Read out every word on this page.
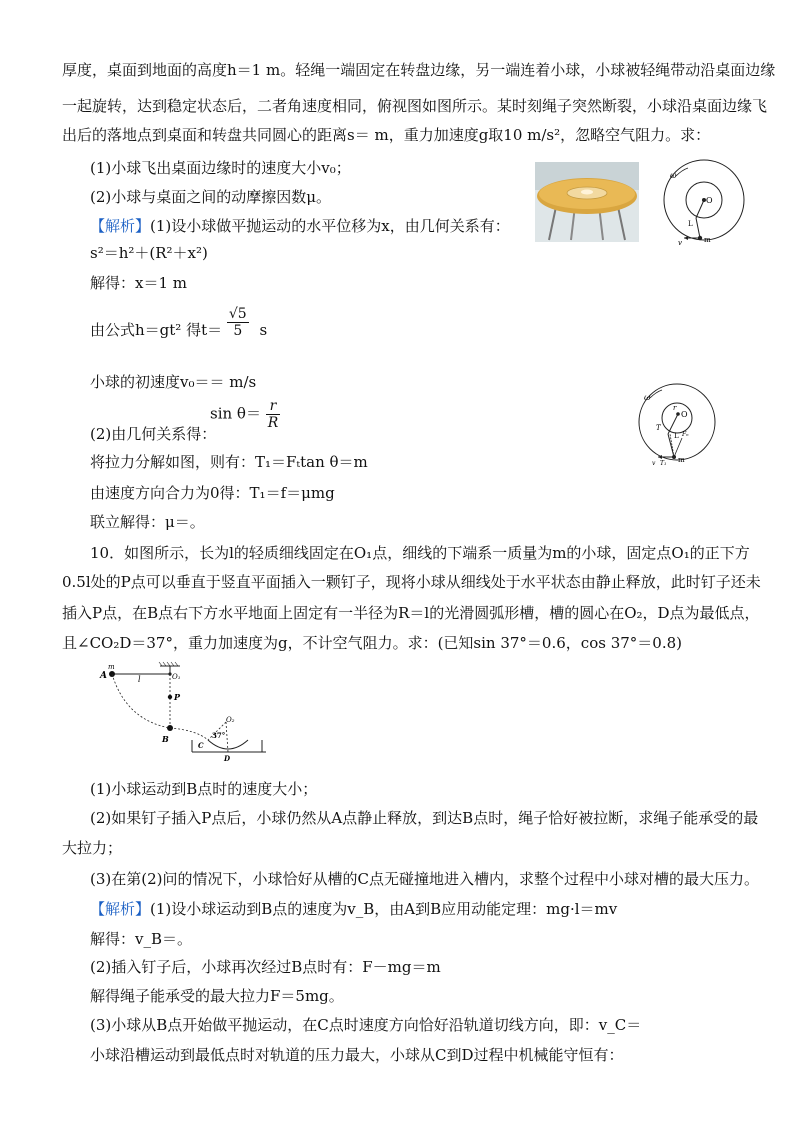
厚度，桌面到地面的高度h＝1 m。轻绳一端固定在转盘边缘，另一端连着小球，小球被轻绳带动沿桌面边缘
一起旋转，达到稳定状态后，二者角速度相同，俯视图如图所示。某时刻绳子突然断裂，小球沿桌面边缘飞
出后的落地点到桌面和转盘共同圆心的距离s＝ m，重力加速度g取10 m/s²，忽略空气阻力。求：
(1)小球飞出桌面边缘时的速度大小v₀；
(2)小球与桌面之间的动摩擦因数μ。
【解析】(1)设小球做平抛运动的水平位移为x，由几何关系有：
s²＝h²＋(R²＋x²)
解得：x＝1 m
由公式h＝gt² 得$t= \frac{√5}{5}$ s
小球的初速度v₀＝＝ m/s
$\sin \theta= \frac{r}{R}$
(2)由几何关系得：
将拉力分解如图，则有：T₁＝Fₜtan θ＝m
由速度方向合力为0得：T₁＝f＝μmg
联立解得：μ＝。
ω
O
L
v	m
ω
r
O
L
T
Fₙ
v T₁ m
10．如图所示，长为l的轻质细线固定在O₁点，细线的下端系一质量为m的小球，固定点O₁的正下方
0.5l处的P点可以垂直于竖直平面插入一颗钉子，现将小球从细线处于水平状态由静止释放，此时钉子还未
插入P点，在B点右下方水平地面上固定有一半径为R＝l的光滑圆弧形槽，槽的圆心在O₂，D点为最低点，
且∠CO₂D＝37°，重力加速度为g，不计空气阻力。求：(已知sin 37°＝0.6，cos 37°＝0.8)
A
m
l	O₁
P
B
O₂
37°
C
D
(1)小球运动到B点时的速度大小；
(2)如果钉子插入P点后，小球仍然从A点静止释放，到达B点时，绳子恰好被拉断，求绳子能承受的最
大拉力；
(3)在第(2)问的情况下，小球恰好从槽的C点无碰撞地进入槽内，求整个过程中小球对槽的最大压力。
【解析】(1)设小球运动到B点的速度为v_B，由A到B应用动能定理：mg·l＝mv
解得：v_B＝。
(2)插入钉子后，小球再次经过B点时有：F－mg＝m
解得绳子能承受的最大拉力F＝5mg。
(3)小球从B点开始做平抛运动，在C点时速度方向恰好沿轨道切线方向，即：v_C＝
小球沿槽运动到最低点时对轨道的压力最大，小球从C到D过程中机械能守恒有：
